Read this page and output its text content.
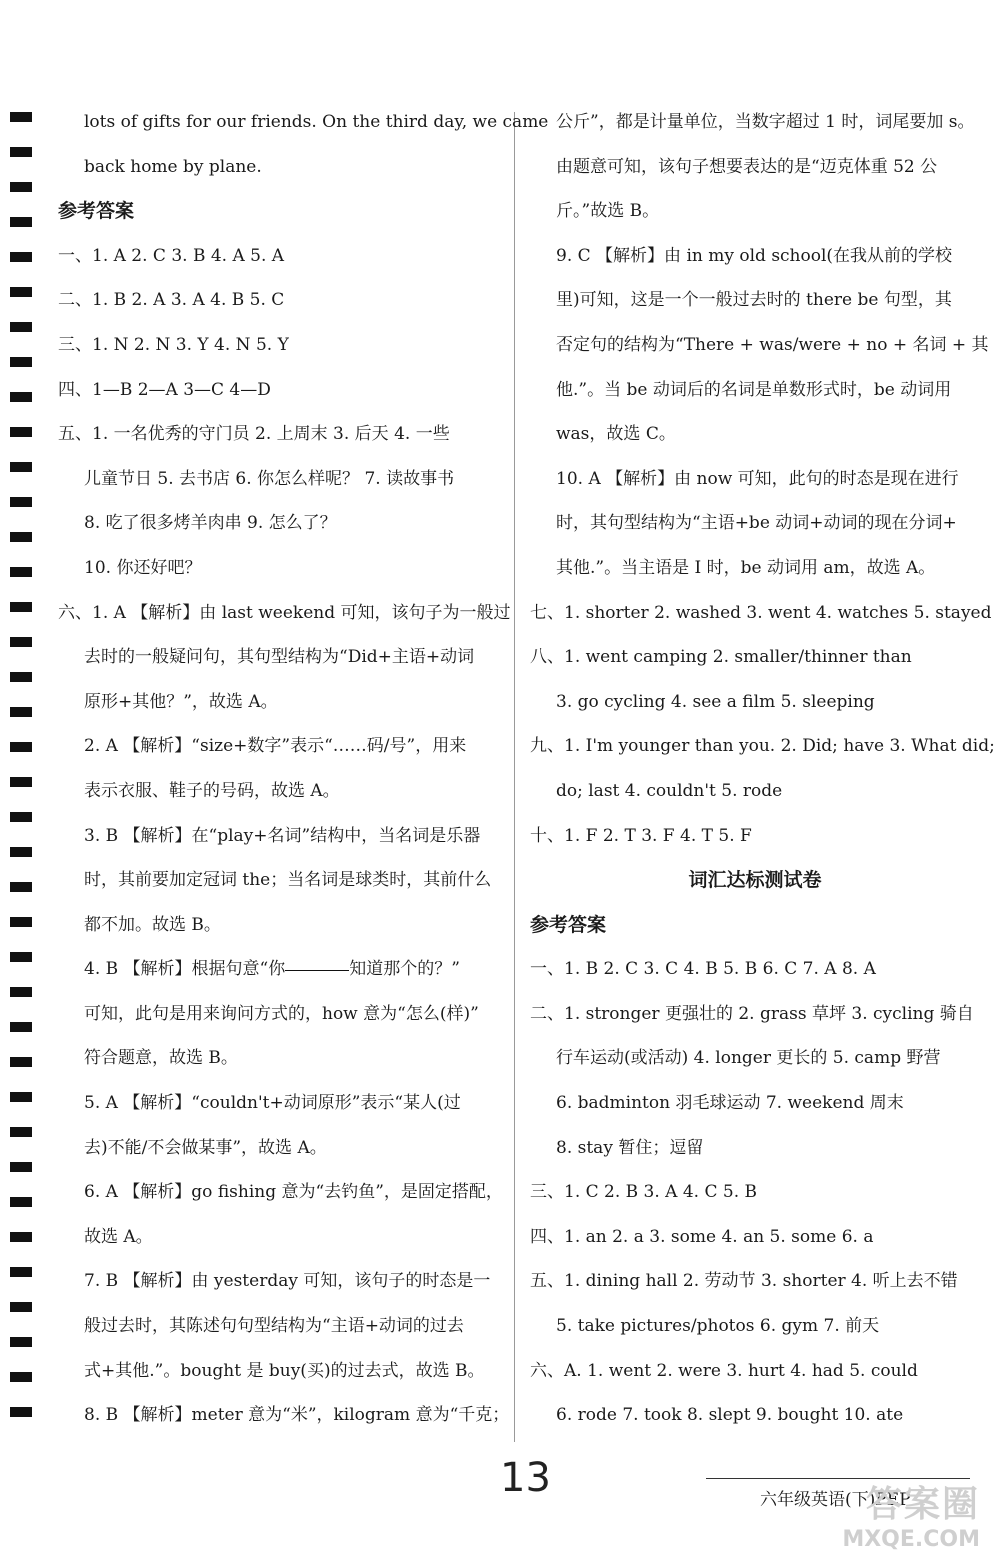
lots of gifts for our friends. On the third day, we came
back home by plane.
参考答案
一、1. A 2. C 3. B 4. A 5. A
二、1. B 2. A 3. A 4. B 5. C
三、1. N 2. N 3. Y 4. N 5. Y
四、1—B 2—A 3—C 4—D
五、1. 一名优秀的守门员 2. 上周末 3. 后天 4. 一些
儿童节日 5. 去书店 6. 你怎么样呢？ 7. 读故事书
8. 吃了很多烤羊肉串 9. 怎么了？
10. 你还好吧？
六、1. A 【解析】由 last weekend 可知，该句子为一般过
去时的一般疑问句，其句型结构为“Did+主语+动词
原形+其他？”，故选 A。
2. A 【解析】“size+数字”表示“……码/号”，用来
表示衣服、鞋子的号码，故选 A。
3. B 【解析】在“play+名词”结构中，当名词是乐器
时，其前要加定冠词 the；当名词是球类时，其前什么
都不加。故选 B。
4. B 【解析】根据句意“你	知道那个的？”
可知，此句是用来询问方式的，how 意为“怎么(样)”
符合题意，故选 B。
5. A 【解析】“couldn't+动词原形”表示“某人(过
去)不能/不会做某事”，故选 A。
6. A 【解析】go fishing 意为“去钓鱼”，是固定搭配，
故选 A。
7. B 【解析】由 yesterday 可知，该句子的时态是一
般过去时，其陈述句句型结构为“主语+动词的过去
式+其他.”。bought 是 buy(买)的过去式，故选 B。
8. B 【解析】meter 意为“米”，kilogram 意为“千克；
公斤”，都是计量单位，当数字超过 1 时，词尾要加 s。
由题意可知，该句子想要表达的是“迈克体重 52 公
斤。”故选 B。
9. C 【解析】由 in my old school(在我从前的学校
里)可知，这是一个一般过去时的 there be 句型，其
否定句的结构为“There + was/were + no + 名词 + 其
他.”。当 be 动词后的名词是单数形式时，be 动词用
was，故选 C。
10. A 【解析】由 now 可知，此句的时态是现在进行
时，其句型结构为“主语+be 动词+动词的现在分词+
其他.”。当主语是 I 时，be 动词用 am，故选 A。
七、1. shorter 2. washed 3. went 4. watches 5. stayed
八、1. went camping 2. smaller/thinner than
3. go cycling 4. see a film 5. sleeping
九、1. I'm younger than you. 2. Did; have 3. What did;
do; last 4. couldn't 5. rode
十、1. F 2. T 3. F 4. T 5. F
词汇达标测试卷
参考答案
一、1. B 2. C 3. C 4. B 5. B 6. C 7. A 8. A
二、1. stronger 更强壮的 2. grass 草坪 3. cycling 骑自
行车运动(或活动) 4. longer 更长的 5. camp 野营
6. badminton 羽毛球运动 7. weekend 周末
8. stay 暂住；逗留
三、1. C 2. B 3. A 4. C 5. B
四、1. an 2. a 3. some 4. an 5. some 6. a
五、1. dining hall 2. 劳动节 3. shorter 4. 听上去不错
5. take pictures/photos 6. gym 7. 前天
六、A. 1. went 2. were 3. hurt 4. had 5. could
6. rode 7. took 8. slept 9. bought 10. ate
13	六年级英语(下)PEP
答案圈
MXQE.COM
